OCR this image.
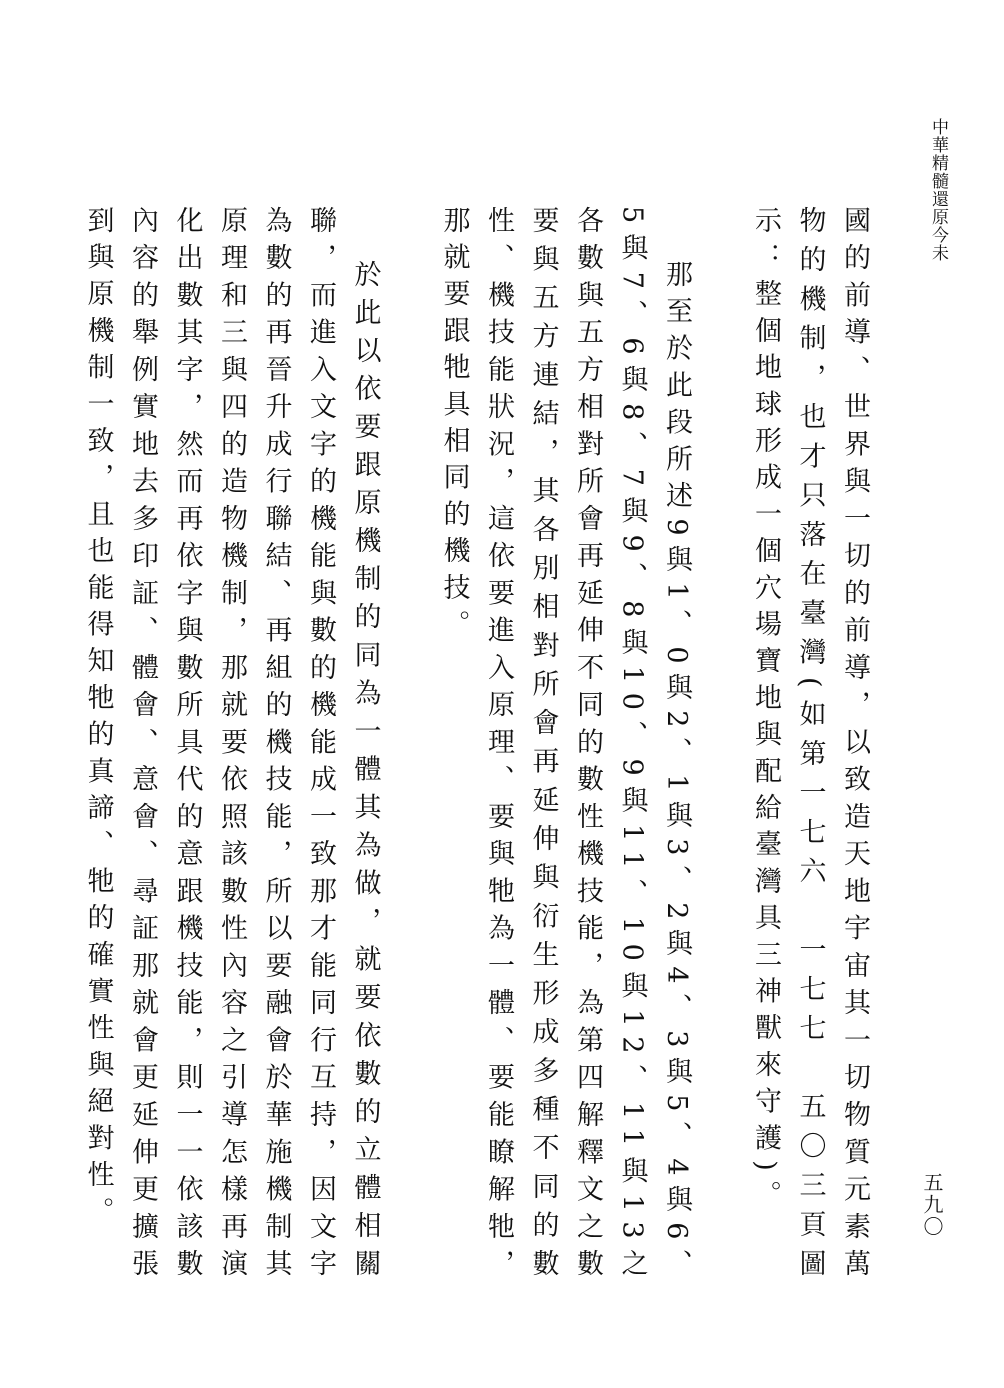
中華精髓還原今未

國的前導、世界與一切的前導，以致造天地宇宙其一切物質元素萬物的機制，也才只落在臺灣(如第一七六　一七七　五〇三頁圖示：整個地球形成一個穴場寶地與配給臺灣具三神獸來守護)。

那至於此段所述9與1、0與2、1與3、2與4、3與5、4與6、5與7、6與8、7與9、8與10、9與11、10與12、11與13之各數與五方相對所會再延伸不同的數性機技能，為第四解釋文之數要與五方連結，其各別相對所會再延伸與衍生形成多種不同的數性、機技能狀況，這依要進入原理、要與牠為一體、要能瞭解牠，那就要跟牠具相同的機技。

於此以依要跟原機制的同為一體其為做，就要依數的立體相關聯，而進入文字的機能與數的機能成一致那才能同行互持，因文字為數的再晉升成行聯結、再組的機技能，所以要融會於華施機制其原理和三與四的造物機制，那就要依照該數性內容之引導怎樣再演化出數其字，然而再依字與數所具代的意跟機技能，則一一依該數內容的舉例實地去多印証、體會、意會、尋証那就會更延伸更擴張到與原機制一致，且也能得知牠的真諦、牠的確實性與絕對性。	五九〇
